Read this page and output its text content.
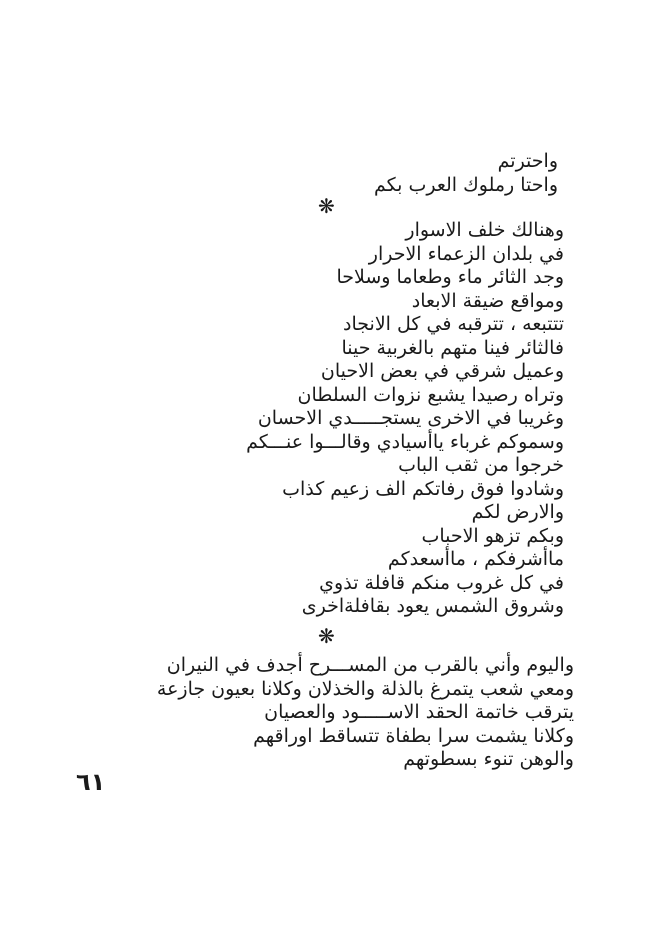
واحترتم
واحتا رملوك العرب بكم
❋
وهنالك خلف الاسوار
في بلدان الزعماء الاحرار
وجد الثائر ماء وطعاما وسلاحا
ومواقع ضيقة الابعاد
تتتبعه ، تترقبه في كل الانجاد
فالثائر فينا متهم بالغربية حينا
وعميل شرقي في بعض الاحيان
وتراه رصيدا يشبع نزوات السلطان
وغريبا في الاخرى يستجـــــدي الاحسان
وسموكم غرباء ياأسيادي وقالـــوا عنـــكم
خرجوا من ثقب الباب
وشادوا فوق رفاتكم الف زعيم كذاب
والارض لكم
وبكم تزهو الاحباب
ماأشرفكم ، ماأسعدكم
في كل غروب منكم قافلة تذوي
وشروق الشمس يعود بقافلةاخرى
❋
واليوم وأني بالقرب من المســـرح أجدف في النيران
ومعي شعب يتمرغ بالذلة والخذلان وكلانا بعيون جازعة
يترقب خاتمة الحقد الاســـــود والعصيان
وكلانا يشمت سرا بطفاة تتساقط اوراقهم
والوهن تنوء بسطوتهم
٦١
